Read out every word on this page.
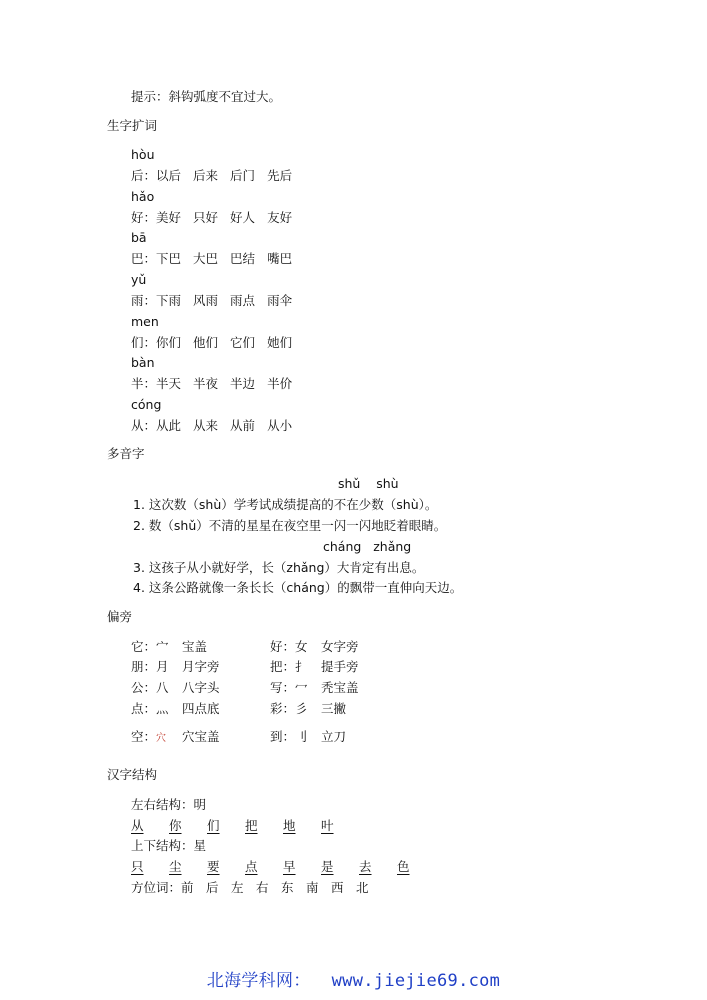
提示：斜钩弧度不宜过大。
生字扩词
hòu
后：以后 后来 后门 先后
hǎo
好：美好 只好 好人 友好
bā
巴：下巴 大巴 巴结 嘴巴
yǔ
雨：下雨 风雨 雨点 雨伞
men
们：你们 他们 它们 她们
bàn
半：半天 半夜 半边 半价
cóng
从：从此 从来 从前 从小
多音字
shǔ    shù
1. 这次数（shù）学考试成绩提高的不在少数（shù）。
2. 数（shǔ）不清的星星在夜空里一闪一闪地眨着眼睛。
cháng   zhǎng
3. 这孩子从小就好学，长（zhǎng）大肯定有出息。
4. 这条公路就像一条长长（cháng）的飘带一直伸向天边。
偏旁
它：宀 宝盖	好：女 女字旁
朋：月 月字旁	把：扌 提手旁
公：八 八字头	写：冖 秃宝盖
点：灬 四点底	彩：彡 三撇
空：穴 穴宝盖	到：刂 立刀
汉字结构
左右结构：明
从 你 们 把 地 叶
上下结构：星
只 尘 要 点 早 是 去 色
方位词：前 后 左 右 东 南 西 北
北海学科网：  www.jiejie69.com
